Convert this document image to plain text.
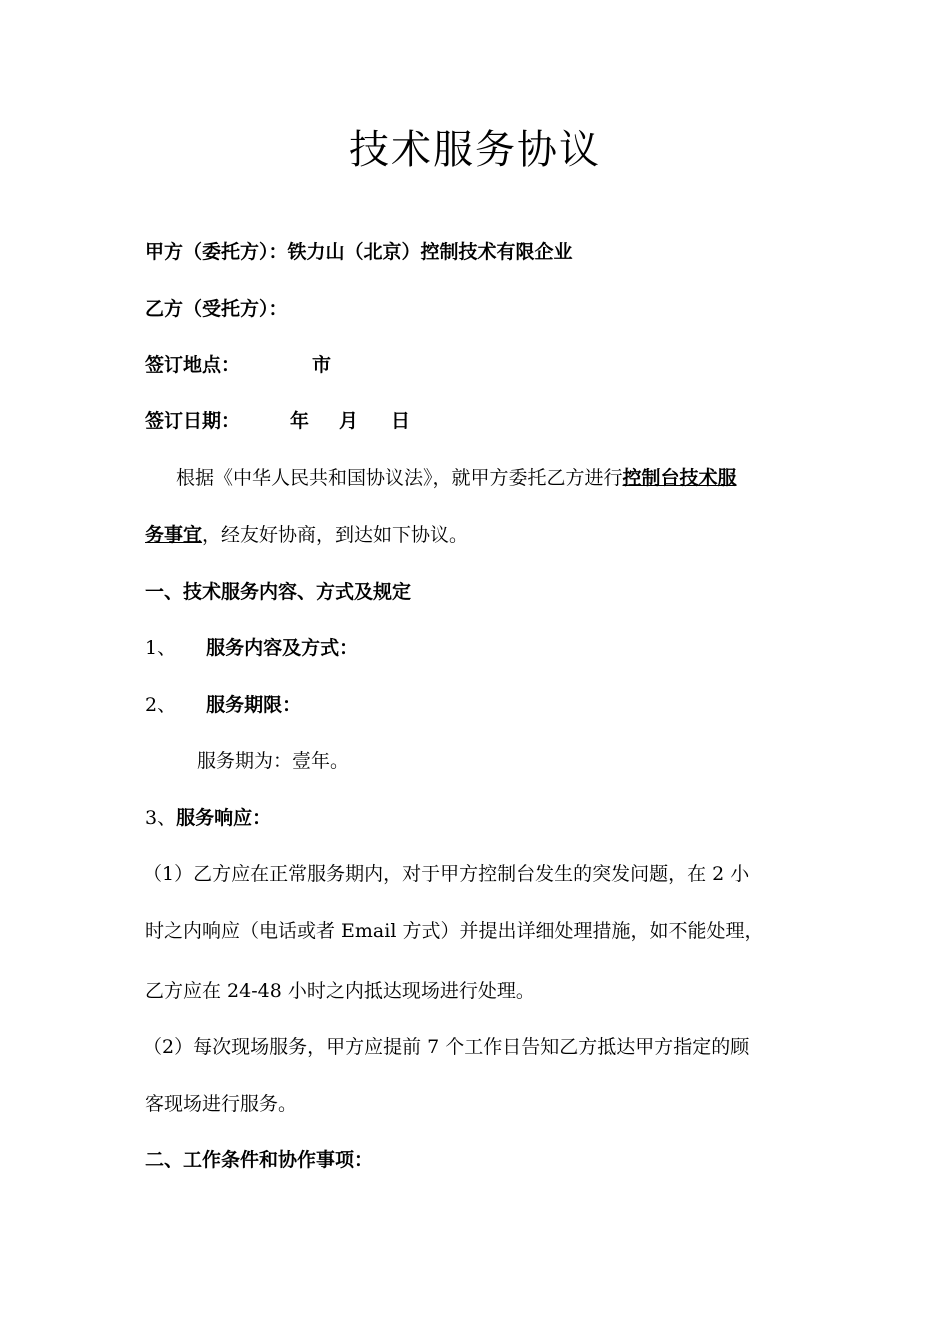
技术服务协议
甲方（委托方）：铁力山（北京）控制技术有限企业
乙方（受托方）：
签订地点：	市
签订日期：	年 月 日
根据《中华人民共和国协议法》，就甲方委托乙方进行控制台技术服
务事宜，经友好协商，到达如下协议。
一、技术服务内容、方式及规定
1、 服务内容及方式：
2、 服务期限：
服务期为：壹年。
3、服务响应：
（1）乙方应在正常服务期内，对于甲方控制台发生的突发问题，在 2 小
时之内响应（电话或者 Email 方式）并提出详细处理措施，如不能处理，
乙方应在 24-48 小时之内抵达现场进行处理。
（2）每次现场服务，甲方应提前 7 个工作日告知乙方抵达甲方指定的顾
客现场进行服务。
二、工作条件和协作事项：
